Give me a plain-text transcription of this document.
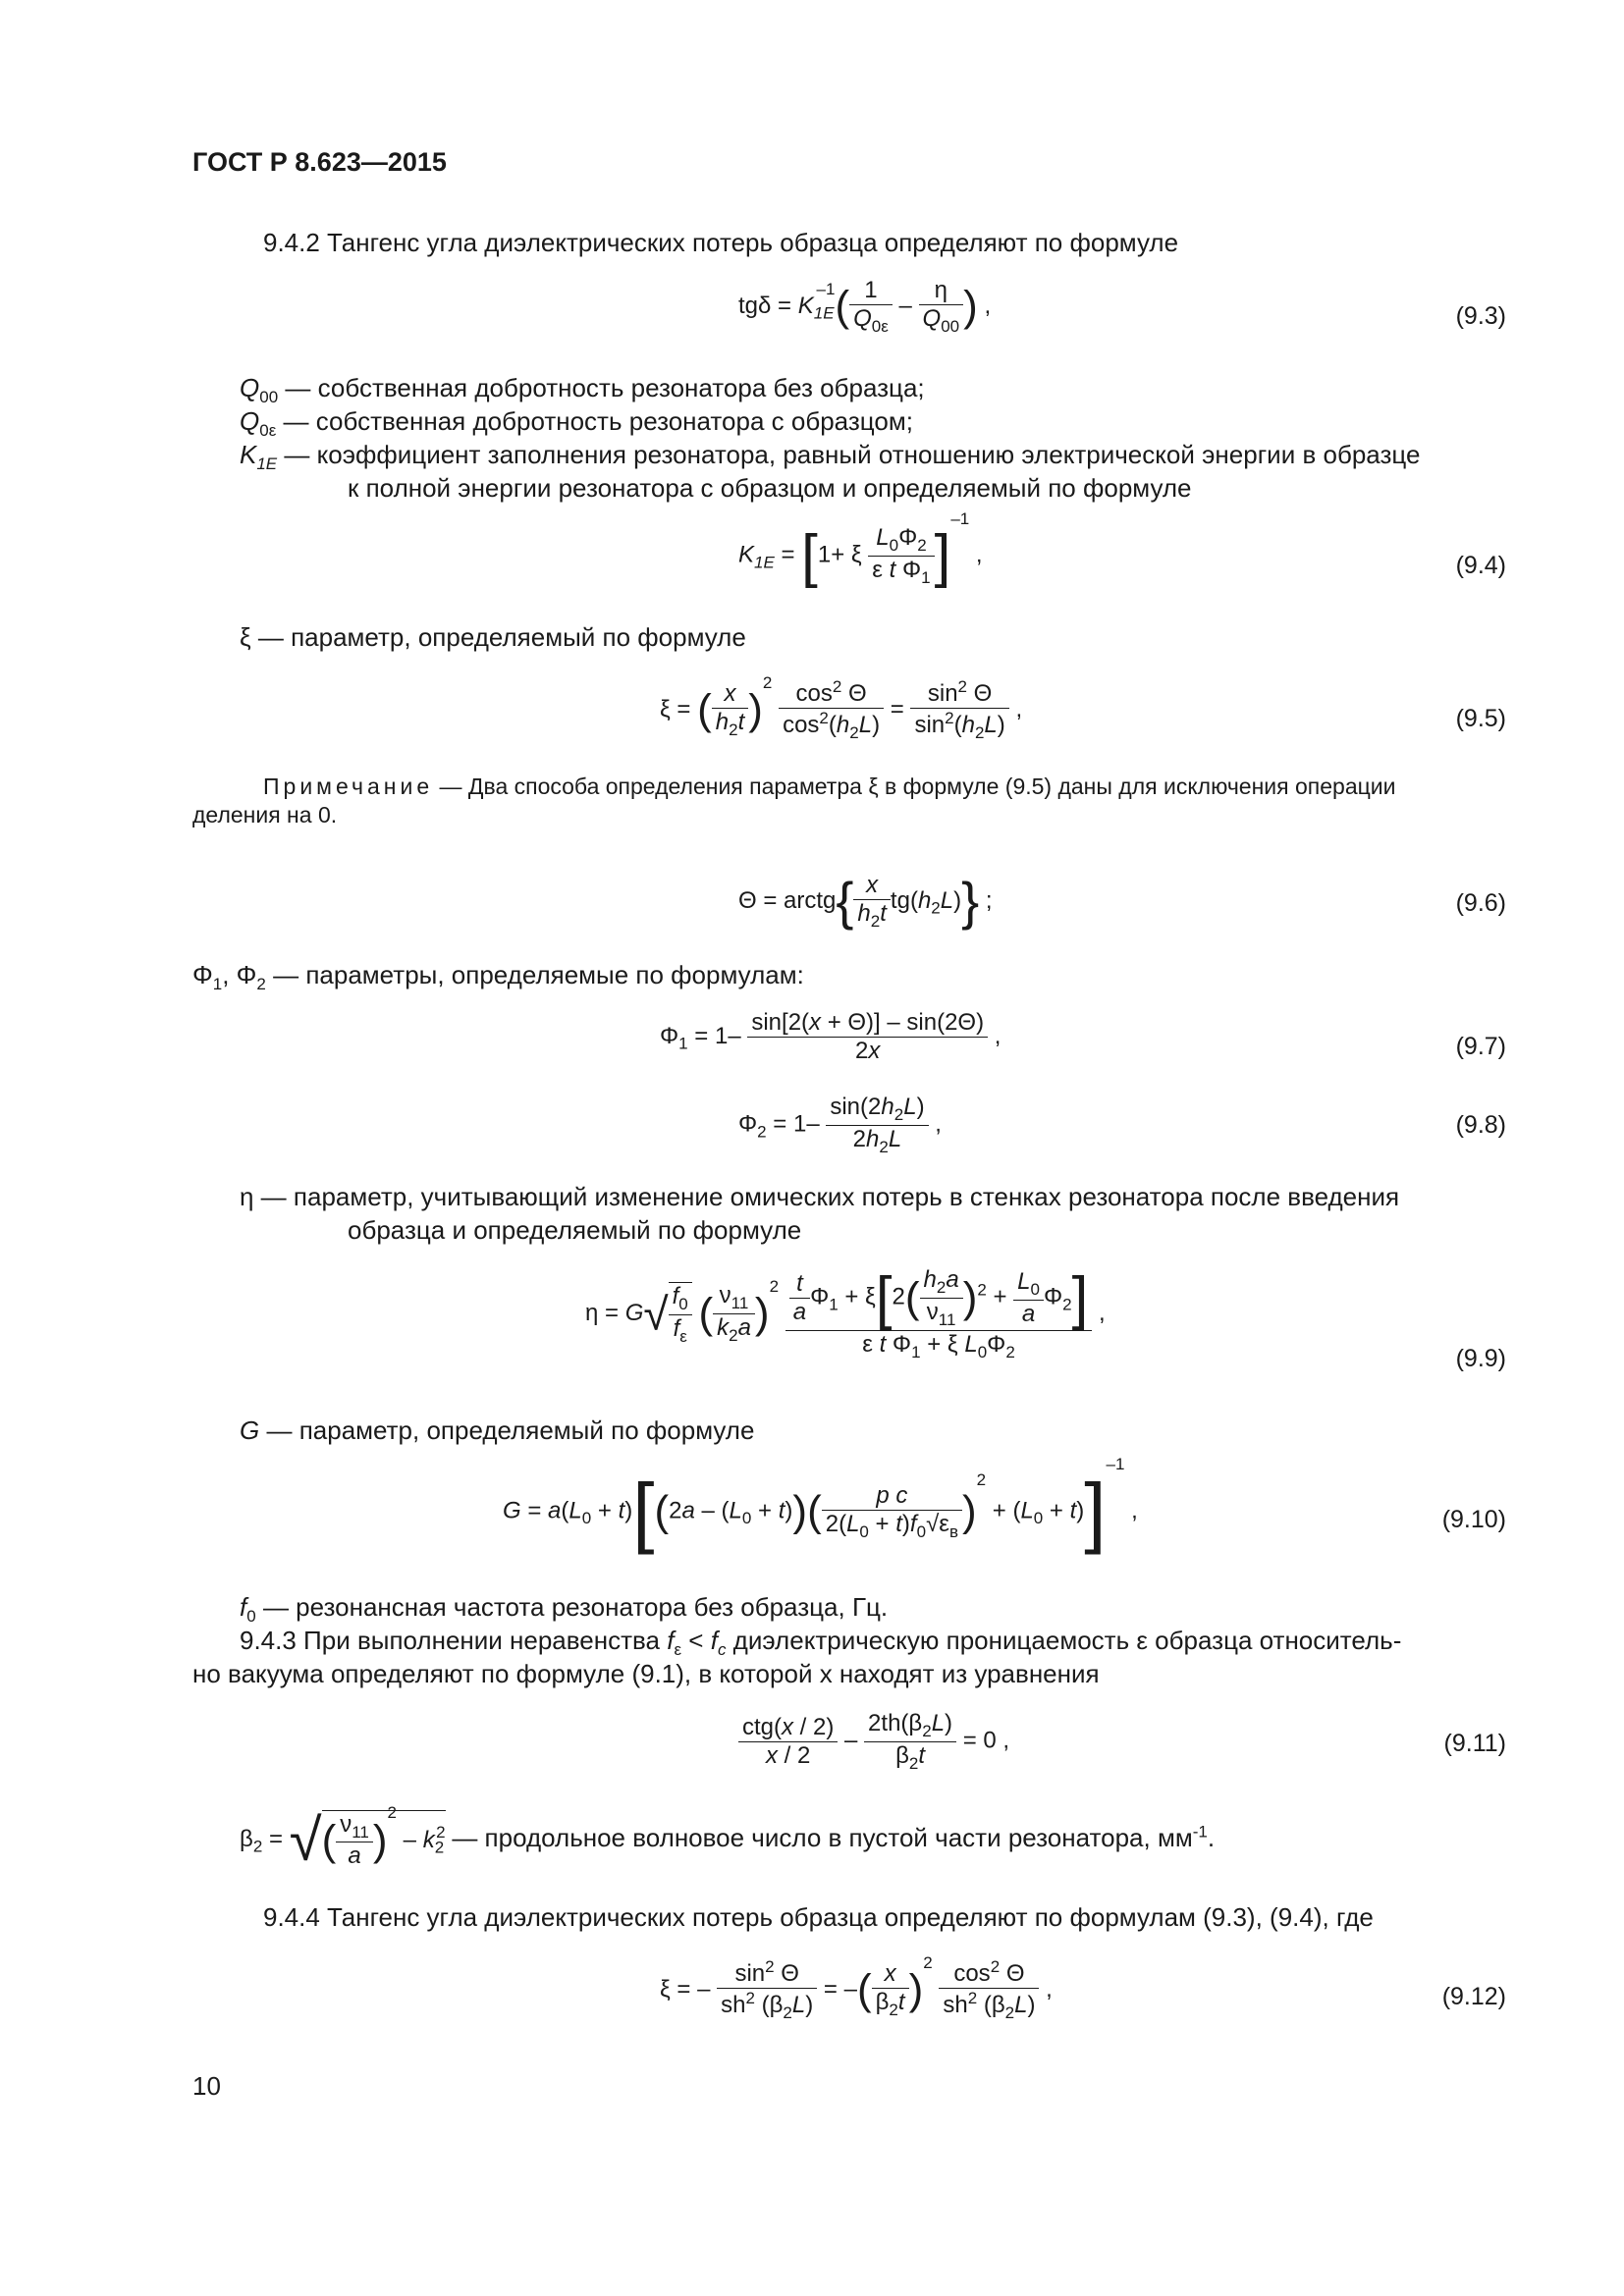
ГОСТ Р 8.623—2015
9.4.2 Тангенс угла диэлектрических потерь образца определяют по формуле
$tg\delta = K_{1E}^{-1}( \frac{1}{Q_{0\varepsilon}} - \frac{\eta}{Q_{00}}$ ) ,	(9.3)
$Q_{00}$ — собственная добротность резонатора без образца;
$Q_{0\varepsilon}$ — собственная добротность резонатора с образцом;
$K_{1E}$ — коэффициент заполнения резонатора, равный отношению электрической энергии в образце
к полной энергии резонатора с образцом и определяемый по формуле
$K_{1E} = [1+ \xi \frac{L_0\Phi_2}{\varepsilon t \Phi_1} ]^{-1}$ ,	(9.4)
ξ — параметр, определяемый по формуле
ξ = ( $\frac{x}{h_2t} )^2 \frac{\cos^2 \Theta}{\cos^2(h_2L)} = \frac{\sin^2 \Theta}{\sin^2(h_2L)}$ ,	(9.5)
Примечание — Два способа определения параметра ξ в формуле (9.5) даны для исключения операции
деления на 0.
Θ = arctg{ $\frac{x}{h_2t} tg(h_2L)$} ;	(9.6)
$\Phi_1$, $\Phi_2$ — параметры, определяемые по формулам:
$\Phi_1 = 1- \frac{\sin[2(x + \Theta)] - \sin(2\Theta)}{2x}$ ,	(9.7)
$\Phi_2 = 1- \frac{\sin(2h_2L)}{2h_2L}$ ,	(9.8)
η — параметр, учитывающий изменение омических потерь в стенках резонатора после введения
образца и определяемый по формуле
$\eta = G√ \frac{f_0}{f_\varepsilon}$ ( $\frac{\nu_{11}}{k_2a} )^2 \frac{\frac{t}{a} \Phi_1 + \xi[2( \frac{h_2a}{\nu_{11}} )^2 + \frac{L_0}{a} \Phi_2]}{\varepsilon t \Phi_1 + \xi L_0\Phi_2}$ ,
(9.9)
G — параметр, определяемый по формуле
$G = a(L_0 + t)[(2a - (L_0 + t))( \frac{\text{p c}}{2(L_0 + t)f_0√\varepsilon_в} )^2 + (L_0 + t)]^{-1}$ ,	(9.10)
$f_0$ — резонансная частота резонатора без образца, Гц.
9.4.3 При выполнении неравенства $f_\varepsilon < f_c$ диэлектрическую проницаемость ε образца относитель-
но вакуума определяют по формуле (9.1), в которой x находят из уравнения
$\frac{\text{ctg(x / 2)}}{x / 2} - \frac{2th(\beta_2L)}{\beta_2t} = 0$ ,	(9.11)
$\beta_2$ = √( $\frac{\nu_{11}}{a} )^2 - k_2^2$ — продольное волновое число в пустой части резонатора, $мм^{-1}$.
9.4.4 Тангенс угла диэлектрических потерь образца определяют по формулам (9.3), (9.4), где
ξ = – $\frac{\sin^2 \Theta}{sh^2 (\beta_2L)}$ = –( $\frac{x}{\beta_2t} )^2 \frac{\cos^2 \Theta}{sh^2 (\beta_2L)}$ ,	(9.12)
10
